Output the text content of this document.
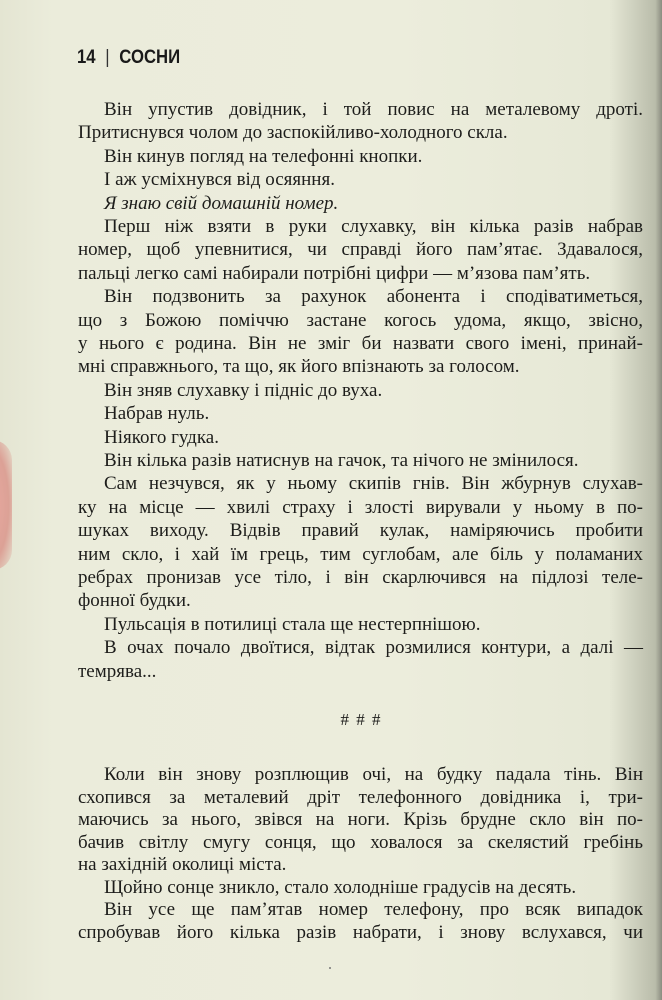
14 | СОСНИ
Він упустив довідник, і той повис на металевому дроті.
Притиснувся чолом до заспокійливо-холодного скла.
Він кинув погляд на телефонні кнопки.
І аж усміхнувся від осяяння.
Я знаю свій домашній номер.
Перш ніж взяти в руки слухавку, він кілька разів набрав
номер, щоб упевнитися, чи справді його пам’ятає. Здавалося,
пальці легко самі набирали потрібні цифри — м’язова пам’ять.
Він подзвонить за рахунок абонента і сподіватиметься,
що з Божою поміччю застане когось удома, якщо, звісно,
у нього є родина. Він не зміг би назвати свого імені, принай-
мні справжнього, та що, як його впізнають за голосом.
Він зняв слухавку і підніс до вуха.
Набрав нуль.
Ніякого гудка.
Він кілька разів натиснув на гачок, та нічого не змінилося.
Сам незчувся, як у ньому скипів гнів. Він жбурнув слухав-
ку на місце — хвилі страху і злості вирували у ньому в по-
шуках виходу. Відвів правий кулак, наміряючись пробити
ним скло, і хай їм грець, тим суглобам, але біль у поламаних
ребрах пронизав усе тіло, і він скарлючився на підлозі теле-
фонної будки.
Пульсація в потилиці стала ще нестерпнішою.
В очах почало двоїтися, відтак розмилися контури, а далі —
темрява...
Коли він знову розплющив очі, на будку падала тінь. Він
схопився за металевий дріт телефонного довідника і, три-
маючись за нього, звівся на ноги. Крізь брудне скло він по-
бачив світлу смугу сонця, що ховалося за скелястий гребінь
на західній околиці міста.
Щойно сонце зникло, стало холодніше градусів на десять.
Він усе ще пам’ятав номер телефону, про всяк випадок
спробував його кілька разів набрати, і знову вслухався, чи
# # #
